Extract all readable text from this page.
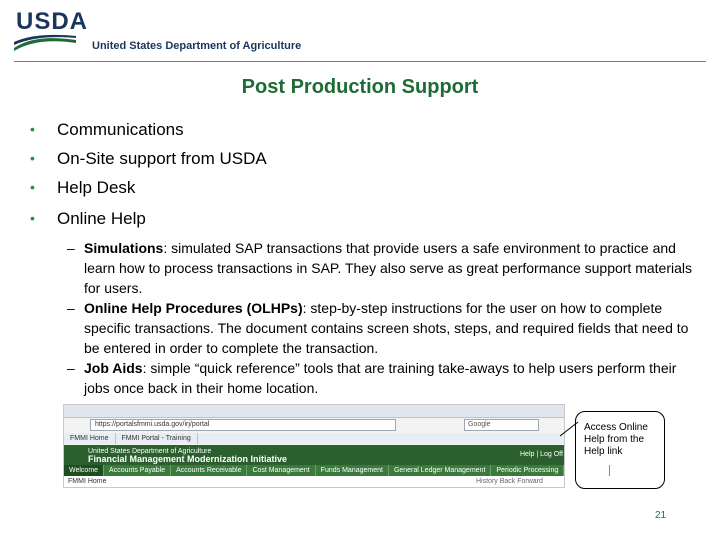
USDA
United States Department of Agriculture
Post Production Support
• Communications
• On-Site support from USDA
• Help Desk
• Online Help
– Simulations: simulated SAP transactions that provide users a safe environment to practice and learn how to process transactions in SAP. They also serve as great performance support materials for users.
– Online Help Procedures (OLHPs): step-by-step instructions for the user on how to complete specific transactions. The document contains screen shots, steps, and required fields that need to be entered in order to complete the transaction.
– Job Aids: simple “quick reference” tools that are training take-aways to help users perform their jobs once back in their home location.
https://portalsfmmi.usda.gov/irj/portal	Google
FMMI Home FMMI Portal - Training
United States Department of Agriculture
Financial Management Modernization Initiative	Help | Log Off
Welcome Accounts Payable Accounts Receivable Cost Management Funds Management General Ledger Management Periodic Processing Purchasing
FMMI Home	History Back Forward
Access Online Help from the Help link
21
